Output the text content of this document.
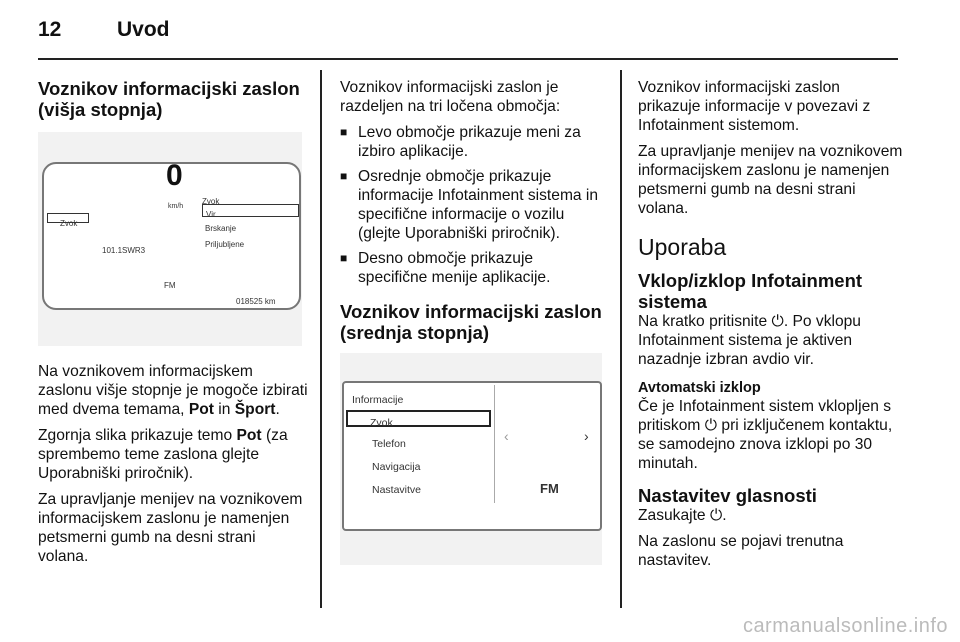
12	Uvod
Voznikov informacijski zaslon (višja stopnja)
0
km/h
Zvok
Vir
Brskanje
Priljubljene
Zvok
101.1SWR3
FM
018525 km

Na voznikovem informacijskem zaslonu višje stopnje je mogoče izbirati med dvema temama, Pot in Šport.

Zgornja slika prikazuje temo Pot (za sprembemo teme zaslona glejte Uporabniški priročnik).

Za upravljanje menijev na voznikovem informacijskem zaslonu je namenjen petsmerni gumb na desni strani volana.

Voznikov informacijski zaslon je razdeljen na tri ločena območja:

■ Levo območje prikazuje meni za izbiro aplikacije.
■ Osrednje območje prikazuje informacije Infotainment sistema in specifične informacije o vozilu (glejte Uporabniški priročnik).
■ Desno območje prikazuje specifične menije aplikacije.
Voznikov informacijski zaslon (srednja stopnja)
Informacije
Zvok
Telefon
Navigacija
Nastavitve
‹	›
FM

Voznikov informacijski zaslon prikazuje informacije v povezavi z Infotainment sistemom.

Za upravljanje menijev na voznikovem informacijskem zaslonu je namenjen petsmerni gumb na desni strani volana.

Uporaba
Vklop/izklop Infotainment sistema

Na kratko pritisnite ⏻. Po vklopu Infotainment sistema je aktiven nazadnje izbran avdio vir.

Avtomatski izklop

Če je Infotainment sistem vklopljen s pritiskom ⏻ pri izključenem kontaktu, se samodejno znova izklopi po 30 minutah.

Nastavitev glasnosti

Zasukajte ⏻.

Na zaslonu se pojavi trenutna nastavitev.

carmanualsonline.info
